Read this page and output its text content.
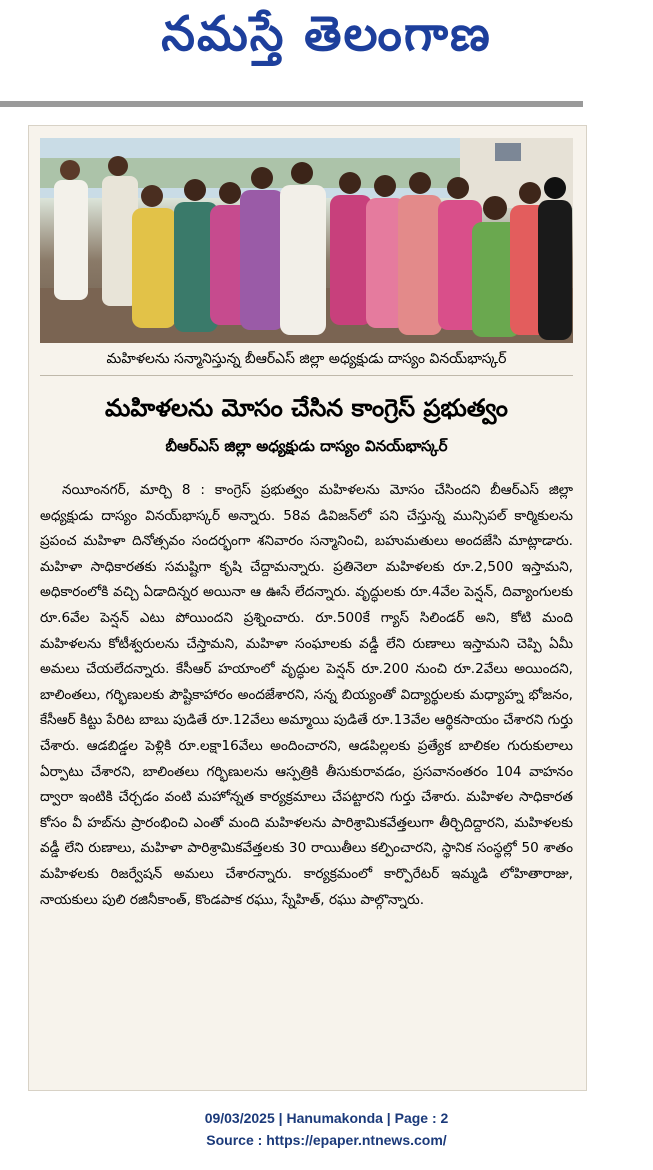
నమస్తే తెలంగాణ
మహిళలను సన్మానిస్తున్న బీఆర్‌ఎస్ జిల్లా అధ్యక్షుడు దాస్యం వినయ్‌భాస్కర్
మహిళలను మోసం చేసిన కాంగ్రెస్ ప్రభుత్వం
బీఆర్‌ఎస్ జిల్లా అధ్యక్షుడు దాస్యం వినయ్‌భాస్కర్

నయీంనగర్, మార్చి 8 : కాంగ్రెస్ ప్రభుత్వం మహిళలను మోసం చేసిందని బీఆర్‌ఎస్ జిల్లా అధ్యక్షుడు దాస్యం వినయ్‌భాస్కర్ అన్నారు. 58వ డివిజన్‌లో పని చేస్తున్న మున్సిపల్ కార్మికులను ప్రపంచ మహిళా దినోత్సవం సందర్భంగా శనివారం సన్మానించి, బహుమతులు అందజేసి మాట్లాడారు. మహిళా సాధికారతకు సమష్టిగా కృషి చేద్దామన్నారు. ప్రతినెలా మహిళలకు రూ.2,500 ఇస్తామని, అధికారంలోకి వచ్చి ఏడాదిన్నర అయినా ఆ ఊసే లేదన్నారు. వృద్ధులకు రూ.4వేల పెన్షన్, దివ్యాంగులకు రూ.6వేల పెన్షన్ ఎటు పోయిందని ప్రశ్నించారు. రూ.500కే గ్యాస్ సిలిండర్ అని, కోటి మంది మహిళలను కోటీశ్వరులను చేస్తామని, మహిళా సంఘాలకు వడ్డీ లేని రుణాలు ఇస్తామని చెప్పి ఏమీ అమలు చేయలేదన్నారు. కేసీఆర్ హయాంలో వృద్ధుల పెన్షన్ రూ.200 నుంచి రూ.2వేలు అయిందని, బాలింతలు, గర్భిణులకు పౌష్టికాహారం అందజేశారని, సన్న బియ్యంతో విద్యార్థులకు మధ్యాహ్న భోజనం, కేసీఆర్ కిట్టు పేరిట బాబు పుడితే రూ.12వేలు అమ్మాయి పుడితే రూ.13వేల ఆర్థికసాయం చేశారని గుర్తు చేశారు. ఆడబిడ్డల పెళ్లికి రూ.లక్షా16వేలు అందించారని, ఆడపిల్లలకు ప్రత్యేక బాలికల గురుకులాలు ఏర్పాటు చేశారని, బాలింతలు గర్భిణులను ఆస్పత్రికి తీసుకురావడం, ప్రసవానంతరం 104 వాహనం ద్వారా ఇంటికి చేర్చడం వంటి మహోన్నత కార్యక్రమాలు చేపట్టారని గుర్తు చేశారు. మహిళల సాధికారత కోసం వీ హబ్‌ను ప్రారంభించి ఎంతో మంది మహిళలను పారిశ్రామికవేత్తలుగా తీర్చిదిద్దారని, మహిళలకు వడ్డీ లేని రుణాలు, మహిళా పారిశ్రామికవేత్తలకు 30 రాయితీలు కల్పించారని, స్థానిక సంస్థల్లో 50 శాతం మహిళలకు రిజర్వేషన్ అమలు చేశారన్నారు. కార్యక్రమంలో కార్పొరేటర్ ఇమ్మడి లోహితారాజు, నాయకులు పులి రజినీకాంత్, కొండపాక రఘు, స్నేహిత్, రఘు పాల్గొన్నారు.

09/03/2025 | Hanumakonda | Page : 2
Source : https://epaper.ntnews.com/
